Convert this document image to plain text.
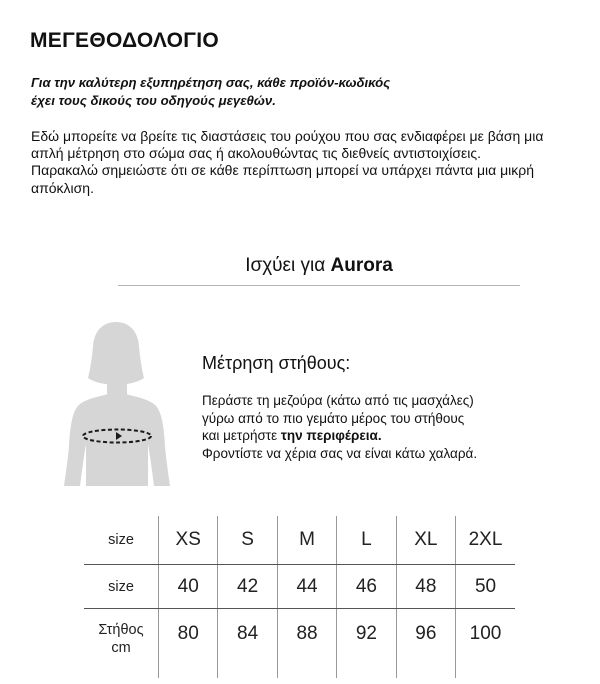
ΜΕΓΕΘΟΔΟΛΟΓΙΟ
Για την καλύτερη εξυπηρέτηση σας, κάθε προϊόν-κωδικός
έχει τους δικούς του οδηγούς μεγεθών.

Εδώ μπορείτε να βρείτε τις διαστάσεις του ρούχου που σας ενδιαφέρει με βάση μια απλή μέτρηση στο σώμα σας ή ακολουθώντας τις διεθνείς αντιστοιχίσεις.

Παρακαλώ σημειώστε ότι σε κάθε περίπτωση μπορεί να υπάρχει πάντα μια μικρή απόκλιση.

Ισχύει για Aurora
Μέτρηση στήθους:
Περάστε τη μεζούρα (κάτω από τις μασχάλες)
γύρω από το πιο γεμάτο μέρος του στήθους
και μετρήστε την περιφέρεια.
Φροντίστε να χέρια σας να είναι κάτω χαλαρά.
size	XS	S	M	L	XL	2XL
size	40	42	44	46	48	50
Στήθος
cm	80	84	88	92	96	100
